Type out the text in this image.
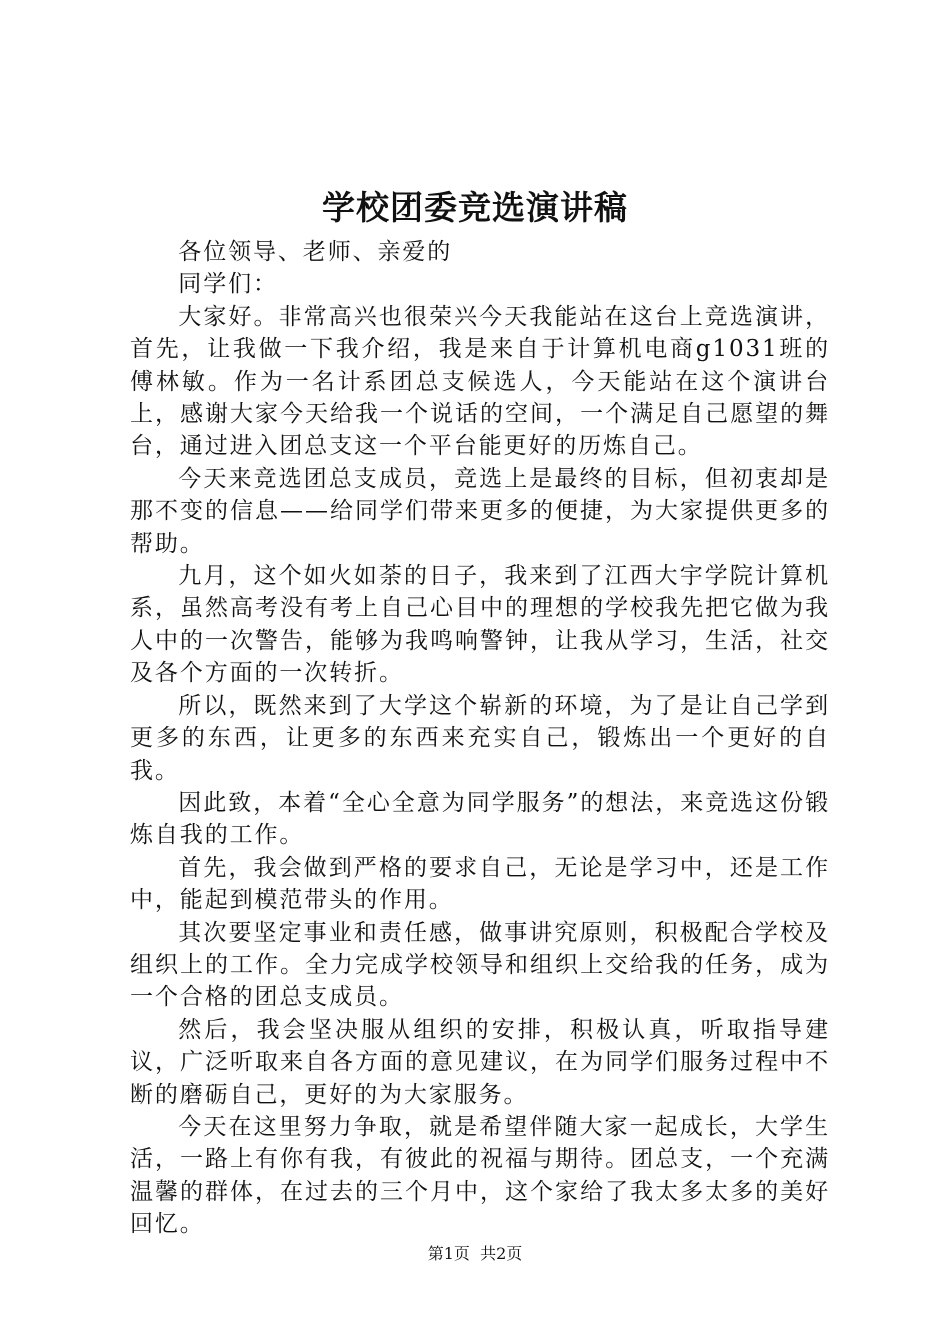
学校团委竞选演讲稿

各位领导、老师、亲爱的

同学们：

大家好。非常高兴也很荣兴今天我能站在这台上竞选演讲，首先，让我做一下我介绍，我是来自于计算机电商g1031班的傅林敏。作为一名计系团总支候选人，今天能站在这个演讲台上，感谢大家今天给我一个说话的空间，一个满足自己愿望的舞台，通过进入团总支这一个平台能更好的历炼自己。

今天来竞选团总支成员，竞选上是最终的目标，但初衷却是那不变的信息——给同学们带来更多的便捷，为大家提供更多的帮助。

九月，这个如火如荼的日子，我来到了江西大宇学院计算机系，虽然高考没有考上自己心目中的理想的学校我先把它做为我人中的一次警告，能够为我鸣响警钟，让我从学习，生活，社交及各个方面的一次转折。

所以，既然来到了大学这个崭新的环境，为了是让自己学到更多的东西，让更多的东西来充实自己，锻炼出一个更好的自我。

因此致，本着“全心全意为同学服务”的想法，来竞选这份锻炼自我的工作。

首先，我会做到严格的要求自己，无论是学习中，还是工作中，能起到模范带头的作用。

其次要坚定事业和责任感，做事讲究原则，积极配合学校及组织上的工作。全力完成学校领导和组织上交给我的任务，成为一个合格的团总支成员。

然后，我会坚决服从组织的安排，积极认真，听取指导建议，广泛听取来自各方面的意见建议，在为同学们服务过程中不断的磨砺自己，更好的为大家服务。

今天在这里努力争取，就是希望伴随大家一起成长，大学生活，一路上有你有我，有彼此的祝福与期待。团总支，一个充满温馨的群体，在过去的三个月中，这个家给了我太多太多的美好回忆。

第1页 共2页
